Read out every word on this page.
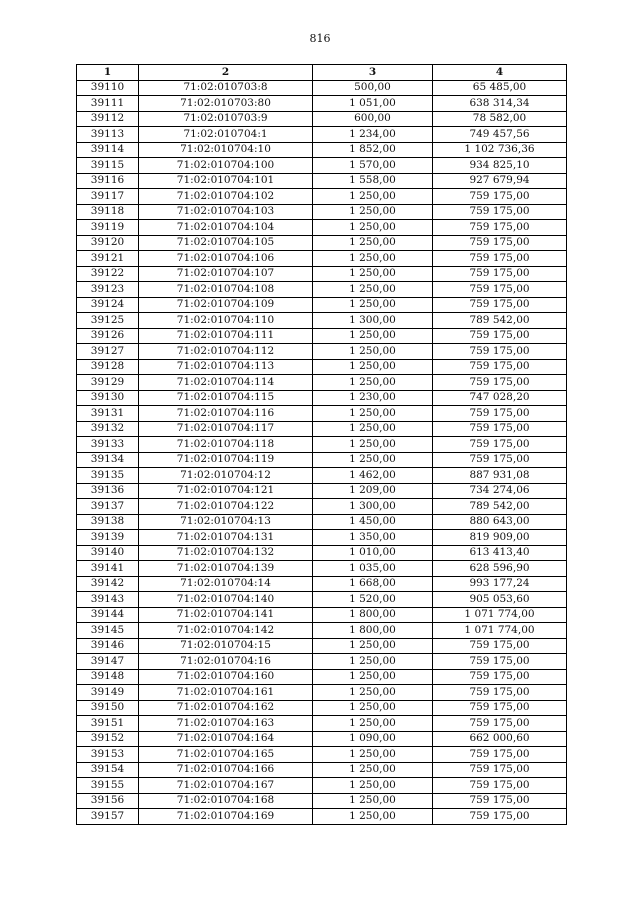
816
1	2	3	4
39110	71:02:010703:8	500,00	65 485,00
39111	71:02:010703:80	1 051,00	638 314,34
39112	71:02:010703:9	600,00	78 582,00
39113	71:02:010704:1	1 234,00	749 457,56
39114	71:02:010704:10	1 852,00	1 102 736,36
39115	71:02:010704:100	1 570,00	934 825,10
39116	71:02:010704:101	1 558,00	927 679,94
39117	71:02:010704:102	1 250,00	759 175,00
39118	71:02:010704:103	1 250,00	759 175,00
39119	71:02:010704:104	1 250,00	759 175,00
39120	71:02:010704:105	1 250,00	759 175,00
39121	71:02:010704:106	1 250,00	759 175,00
39122	71:02:010704:107	1 250,00	759 175,00
39123	71:02:010704:108	1 250,00	759 175,00
39124	71:02:010704:109	1 250,00	759 175,00
39125	71:02:010704:110	1 300,00	789 542,00
39126	71:02:010704:111	1 250,00	759 175,00
39127	71:02:010704:112	1 250,00	759 175,00
39128	71:02:010704:113	1 250,00	759 175,00
39129	71:02:010704:114	1 250,00	759 175,00
39130	71:02:010704:115	1 230,00	747 028,20
39131	71:02:010704:116	1 250,00	759 175,00
39132	71:02:010704:117	1 250,00	759 175,00
39133	71:02:010704:118	1 250,00	759 175,00
39134	71:02:010704:119	1 250,00	759 175,00
39135	71:02:010704:12	1 462,00	887 931,08
39136	71:02:010704:121	1 209,00	734 274,06
39137	71:02:010704:122	1 300,00	789 542,00
39138	71:02:010704:13	1 450,00	880 643,00
39139	71:02:010704:131	1 350,00	819 909,00
39140	71:02:010704:132	1 010,00	613 413,40
39141	71:02:010704:139	1 035,00	628 596,90
39142	71:02:010704:14	1 668,00	993 177,24
39143	71:02:010704:140	1 520,00	905 053,60
39144	71:02:010704:141	1 800,00	1 071 774,00
39145	71:02:010704:142	1 800,00	1 071 774,00
39146	71:02:010704:15	1 250,00	759 175,00
39147	71:02:010704:16	1 250,00	759 175,00
39148	71:02:010704:160	1 250,00	759 175,00
39149	71:02:010704:161	1 250,00	759 175,00
39150	71:02:010704:162	1 250,00	759 175,00
39151	71:02:010704:163	1 250,00	759 175,00
39152	71:02:010704:164	1 090,00	662 000,60
39153	71:02:010704:165	1 250,00	759 175,00
39154	71:02:010704:166	1 250,00	759 175,00
39155	71:02:010704:167	1 250,00	759 175,00
39156	71:02:010704:168	1 250,00	759 175,00
39157	71:02:010704:169	1 250,00	759 175,00
